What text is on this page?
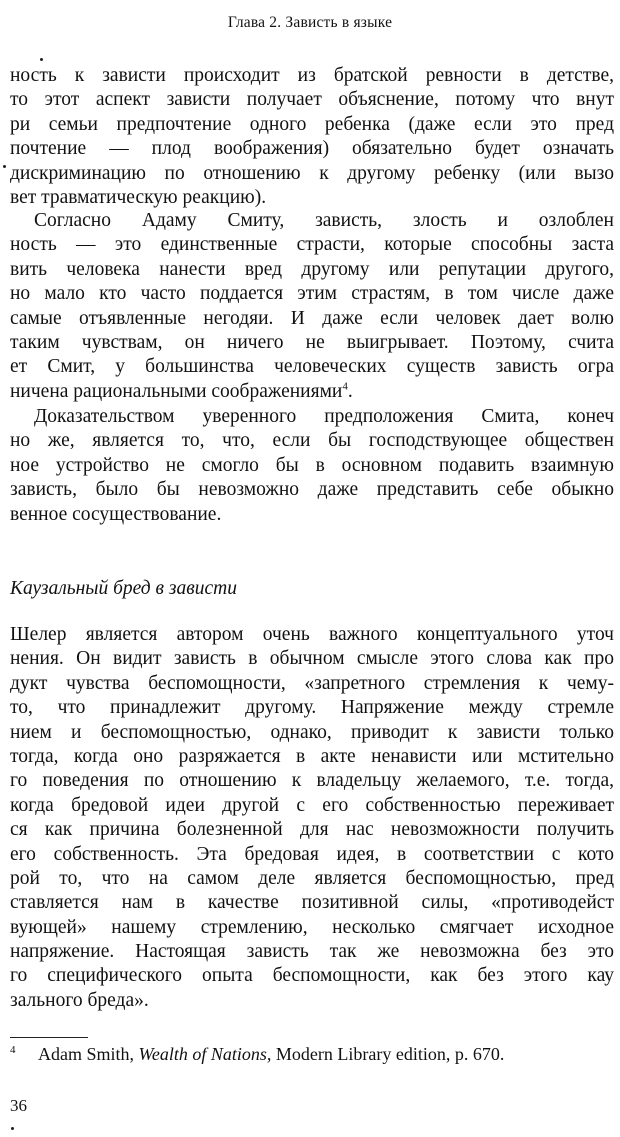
Глава 2. Зависть в языке
ность к зависти происходит из братской ревности в детстве,
то этот аспект зависти получает объяснение, потому что внут
ри семьи предпочтение одного ребенка (даже если это пред
почтение — плод воображения) обязательно будет означать
дискриминацию по отношению к другому ребенку (или вызо
вет травматическую реакцию).
Согласно Адаму Смиту, зависть, злость и озлоблен
ность — это единственные страсти, которые способны заста
вить человека нанести вред другому или репутации другого,
но мало кто часто поддается этим страстям, в том числе даже
самые отъявленные негодяи. И даже если человек дает волю
таким чувствам, он ничего не выигрывает. Поэтому, счита
ет Смит, у большинства человеческих существ зависть огра
ничена рациональными соображениями$^4$.
Доказательством уверенного предположения Смита, конеч
но же, является то, что, если бы господствующее обществен
ное устройство не смогло бы в основном подавить взаимную
зависть, было бы невозможно даже представить себе обыкно
венное сосуществование.
Каузальный бред в зависти
Шелер является автором очень важного концептуального уточ
нения. Он видит зависть в обычном смысле этого слова как про
дукт чувства беспомощности, «запретного стремления к чему-
то, что принадлежит другому. Напряжение между стремле
нием и беспомощностью, однако, приводит к зависти только
тогда, когда оно разряжается в акте ненависти или мстительно
го поведения по отношению к владельцу желаемого, т.е. тогда,
когда бредовой идеи другой с его собственностью переживает
ся как причина болезненной для нас невозможности получить
его собственность. Эта бредовая идея, в соответствии с кото
рой то, что на самом деле является беспомощностью, пред
ставляется нам в качестве позитивной силы, «противодейст
вующей» нашему стремлению, несколько смягчает исходное
напряжение. Настоящая зависть так же невозможна без это
го специфического опыта беспомощности, как без этого кау
зального бреда».
4 Adam Smith, Wealth of Nations, Modern Library edition, p. 670.
36
